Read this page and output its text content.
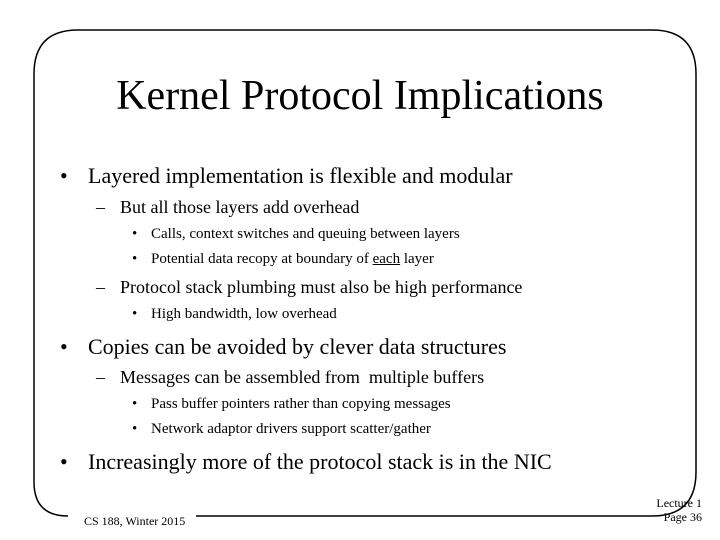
Kernel Protocol Implications
• Layered implementation is flexible and modular
– But all those layers add overhead
• Calls, context switches and queuing between layers
• Potential data recopy at boundary of each layer
– Protocol stack plumbing must also be high performance
• High bandwidth, low overhead
• Copies can be avoided by clever data structures
– Messages can be assembled from  multiple buffers
• Pass buffer pointers rather than copying messages
• Network adaptor drivers support scatter/gather
• Increasingly more of the protocol stack is in the NIC
CS 188, Winter 2015
Lecture 1
Page 36
